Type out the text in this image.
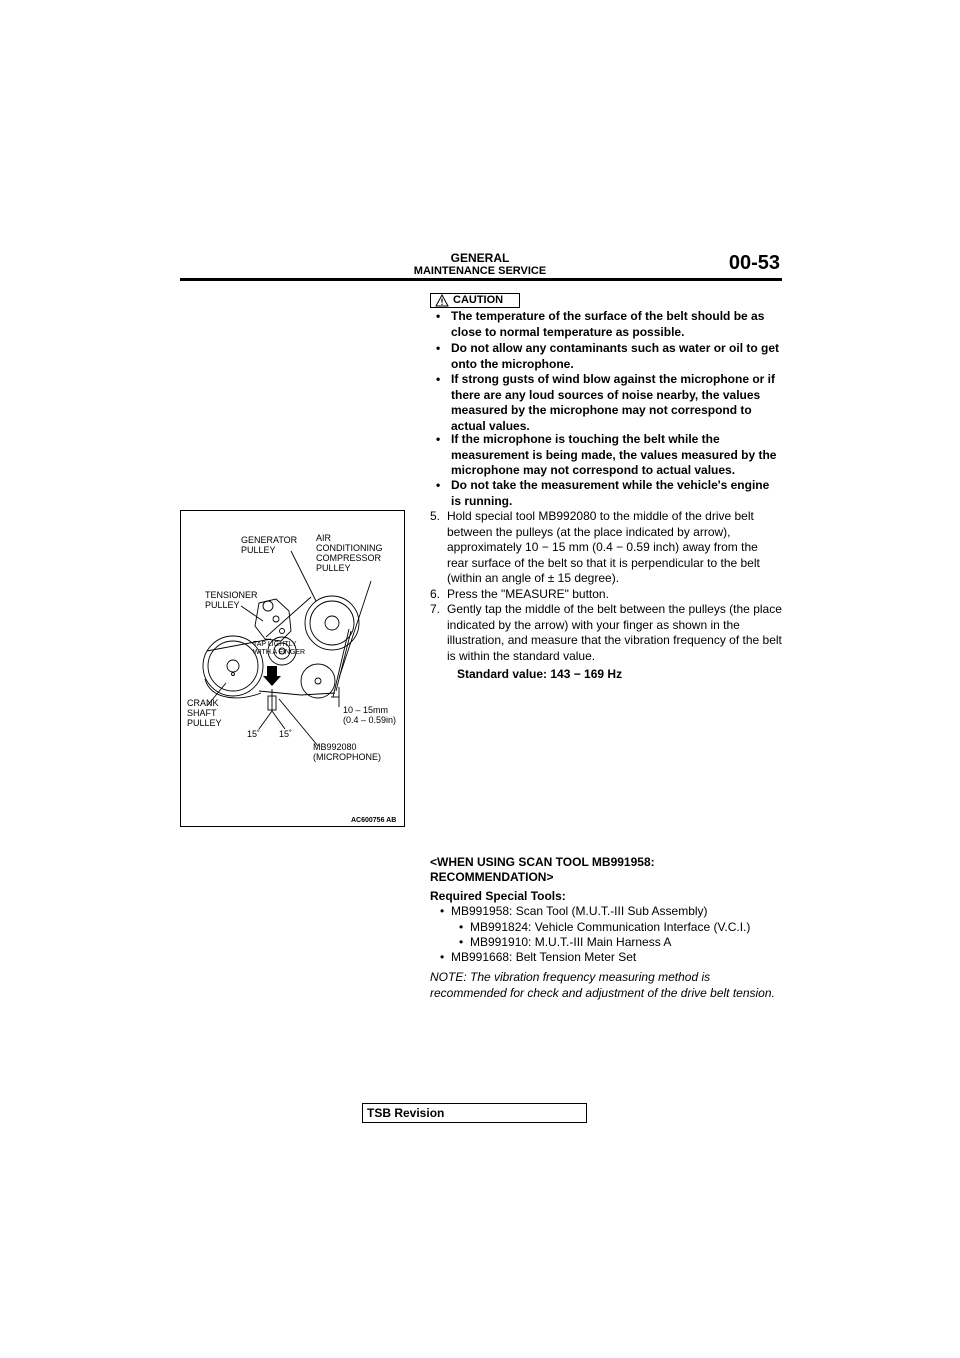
GENERAL
MAINTENANCE SERVICE	00-53
GENERATOR
PULLEY
AIR
CONDITIONING
COMPRESSOR
PULLEY
TENSIONER
PULLEY
TAP LIGHTLY
WITH A FINGER
CRANK
SHAFT
PULLEY
10 – 15mm
(0.4 – 0.59in)
15˚ 15˚
MB992080
(MICROPHONE)
AC600756 AB
CAUTION
• The temperature of the surface of the belt should be as close to normal temperature as possible.
• Do not allow any contaminants such as water or oil to get onto the microphone.
• If strong gusts of wind blow against the microphone or if there are any loud sources of noise nearby, the values measured by the microphone may not correspond to actual values.
• If the microphone is touching the belt while the measurement is being made, the values measured by the microphone may not correspond to actual values.
• Do not take the measurement while the vehicle's engine is running.
5. Hold special tool MB992080 to the middle of the drive belt between the pulleys (at the place indicated by arrow), approximately 10 − 15 mm (0.4 − 0.59 inch) away from the rear surface of the belt so that it is perpendicular to the belt (within an angle of ± 15 degree).
6. Press the "MEASURE" button.
7. Gently tap the middle of the belt between the pulleys (the place indicated by the arrow) with your finger as shown in the illustration, and measure that the vibration frequency of the belt is within the standard value.
Standard value: 143 − 169 Hz
<WHEN USING SCAN TOOL MB991958: RECOMMENDATION>
Required Special Tools:
• MB991958: Scan Tool (M.U.T.-III Sub Assembly)
• MB991824: Vehicle Communication Interface (V.C.I.)
• MB991910: M.U.T.-III Main Harness A
• MB991668: Belt Tension Meter Set
NOTE: The vibration frequency measuring method is recommended for check and adjustment of the drive belt tension.
TSB Revision
